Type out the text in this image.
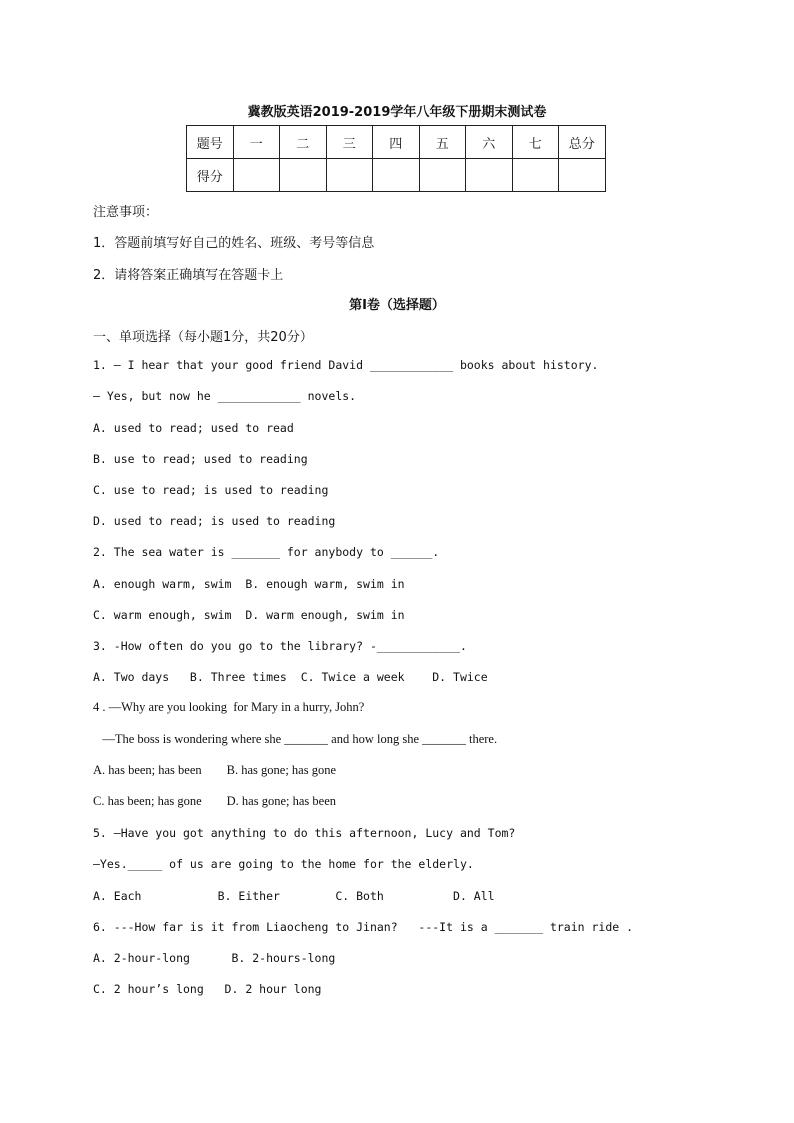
冀教版英语2019-2019学年八年级下册期末测试卷
题号	一	二	三	四	五	六	七	总分
得分								
注意事项：
1．答题前填写好自己的姓名、班级、考号等信息
2．请将答案正确填写在答题卡上
第I卷（选择题）
一、单项选择（每小题1分，共20分）
1. — I hear that your good friend David ____________ books about history.
— Yes, but now he ____________ novels.
A. used to read; used to read
B. use to read; used to reading
C. use to read; is used to reading
D. used to read; is used to reading
2. The sea water is _______ for anybody to ______.
A. enough warm, swim  B. enough warm, swim in
C. warm enough, swim  D. warm enough, swim in
3. -How often do you go to the library? -____________.
A. Two days   B. Three times  C. Twice a week    D. Twice
4 . —Why are you looking  for Mary in a hurry, John?
—The boss is wondering where she _______ and how long she _______ there.
A. has been; has been        B. has gone; has gone
C. has been; has gone        D. has gone; has been
5. —Have you got anything to do this afternoon, Lucy and Tom?
—Yes._____ of us are going to the home for the elderly.
A. Each           B. Either        C. Both          D. All
6. ---How far is it from Liaocheng to Jinan?   ---It is a _______ train ride .
A. 2-hour-long      B. 2-hours-long
C. 2 hour’s long   D. 2 hour long
